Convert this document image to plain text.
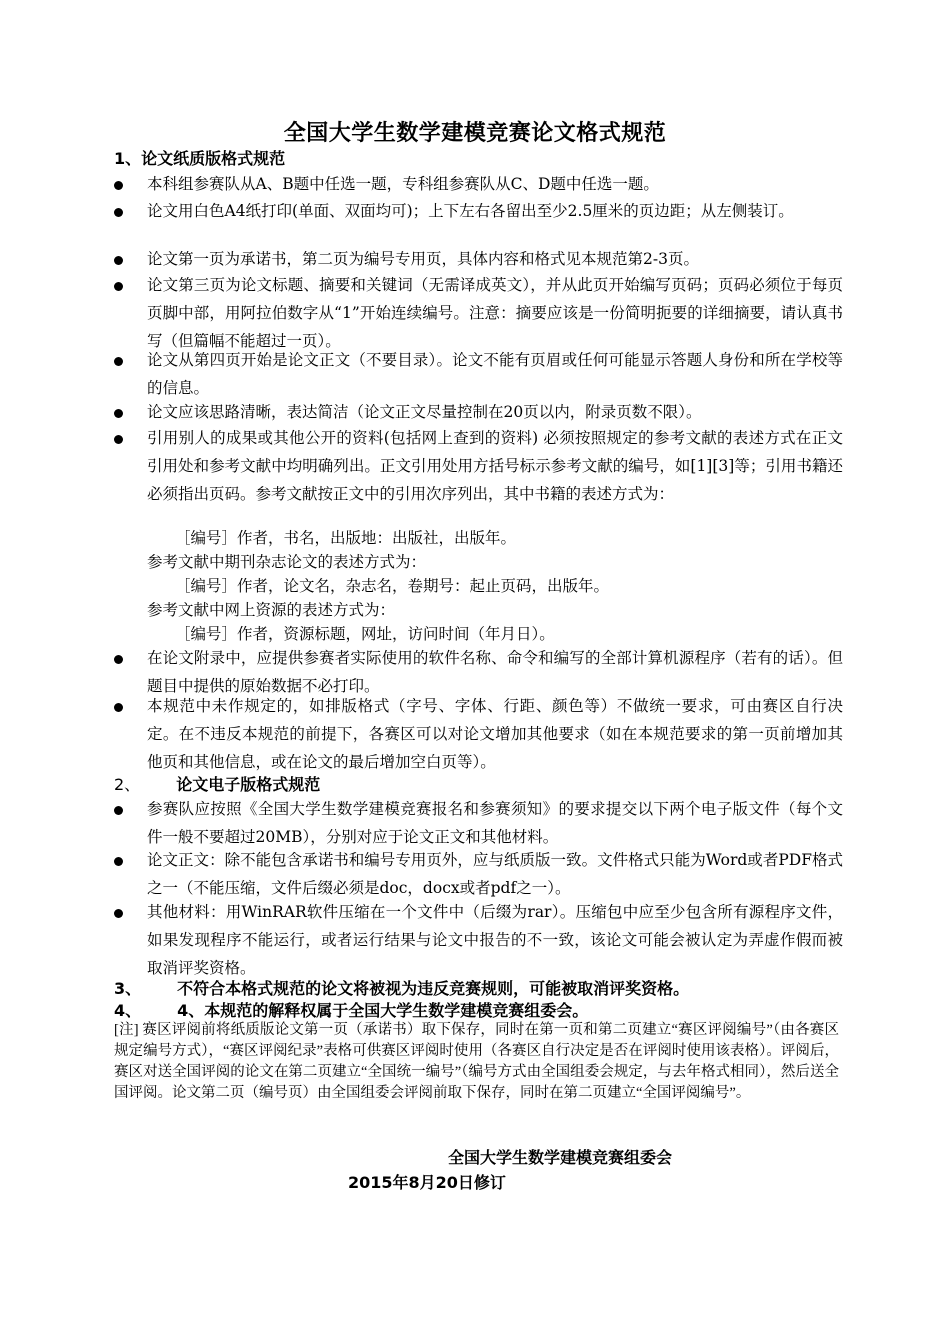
全国大学生数学建模竞赛论文格式规范
1、论文纸质版格式规范
本科组参赛队从A、B题中任选一题，专科组参赛队从C、D题中任选一题。
论文用白色A4纸打印(单面、双面均可)；上下左右各留出至少2.5厘米的页边距；从左侧装订。
论文第一页为承诺书，第二页为编号专用页，具体内容和格式见本规范第2-3页。
论文第三页为论文标题、摘要和关键词（无需译成英文），并从此页开始编写页码；页码必须位于每页页脚中部，用阿拉伯数字从“1”开始连续编号。注意：摘要应该是一份简明扼要的详细摘要，请认真书写（但篇幅不能超过一页）。
论文从第四页开始是论文正文（不要目录）。论文不能有页眉或任何可能显示答题人身份和所在学校等的信息。
论文应该思路清晰，表达简洁（论文正文尽量控制在20页以内，附录页数不限）。
引用别人的成果或其他公开的资料(包括网上查到的资料) 必须按照规定的参考文献的表述方式在正文引用处和参考文献中均明确列出。正文引用处用方括号标示参考文献的编号，如[1][3]等；引用书籍还必须指出页码。参考文献按正文中的引用次序列出，其中书籍的表述方式为：
［编号］作者，书名，出版地：出版社，出版年。
参考文献中期刊杂志论文的表述方式为：
［编号］作者，论文名，杂志名，卷期号：起止页码，出版年。
参考文献中网上资源的表述方式为：
［编号］作者，资源标题，网址，访问时间（年月日）。
在论文附录中，应提供参赛者实际使用的软件名称、命令和编写的全部计算机源程序（若有的话）。但题目中提供的原始数据不必打印。
本规范中未作规定的，如排版格式（字号、字体、行距、颜色等）不做统一要求，可由赛区自行决定。在不违反本规范的前提下，各赛区可以对论文增加其他要求（如在本规范要求的第一页前增加其他页和其他信息，或在论文的最后增加空白页等）。
2、 论文电子版格式规范
参赛队应按照《全国大学生数学建模竞赛报名和参赛须知》的要求提交以下两个电子版文件（每个文件一般不要超过20MB），分别对应于论文正文和其他材料。
论文正文：除不能包含承诺书和编号专用页外，应与纸质版一致。文件格式只能为Word或者PDF格式之一（不能压缩，文件后缀必须是doc，docx或者pdf之一）。
其他材料：用WinRAR软件压缩在一个文件中（后缀为rar）。压缩包中应至少包含所有源程序文件，如果发现程序不能运行，或者运行结果与论文中报告的不一致，该论文可能会被认定为弄虚作假而被取消评奖资格。
3、 不符合本格式规范的论文将被视为违反竞赛规则，可能被取消评奖资格。
4、 4、本规范的解释权属于全国大学生数学建模竞赛组委会。
[注] 赛区评阅前将纸质版论文第一页（承诺书）取下保存，同时在第一页和第二页建立“赛区评阅编号”（由各赛区规定编号方式），“赛区评阅纪录”表格可供赛区评阅时使用（各赛区自行决定是否在评阅时使用该表格）。评阅后，赛区对送全国评阅的论文在第二页建立“全国统一编号”（编号方式由全国组委会规定，与去年格式相同），然后送全国评阅。论文第二页（编号页）由全国组委会评阅前取下保存，同时在第二页建立“全国评阅编号”。
全国大学生数学建模竞赛组委会
2015年8月20日修订
